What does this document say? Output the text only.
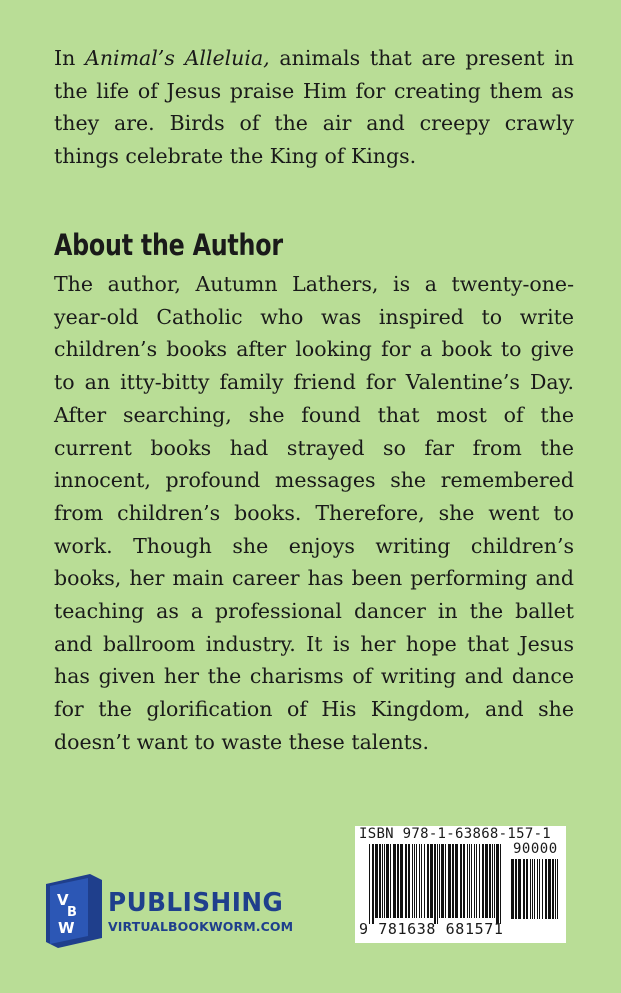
In Animal’s Alleluia, animals that are present in the life of Jesus praise Him for creating them as they are. Birds of the air and creepy crawly things celebrate the King of Kings.

About the Author

The author, Autumn Lathers, is a twenty-one-year-old Catholic who was inspired to write children’s books after looking for a book to give to an itty-bitty family friend for Valentine’s Day. After searching, she found that most of the current books had strayed so far from the innocent, profound messages she remembered from children’s books. Therefore, she went to work. Though she enjoys writing children’s books, her main career has been performing and teaching as a professional dancer in the ballet and ballroom industry. It is her hope that Jesus has given her the charisms of writing and dance for the glorification of His Kingdom, and she doesn’t want to waste these talents.

ISBN 978-1-63868-157-1
90000
9 781638 681571
V
B
W
PUBLISHING
VIRTUALBOOKWORM.COM
